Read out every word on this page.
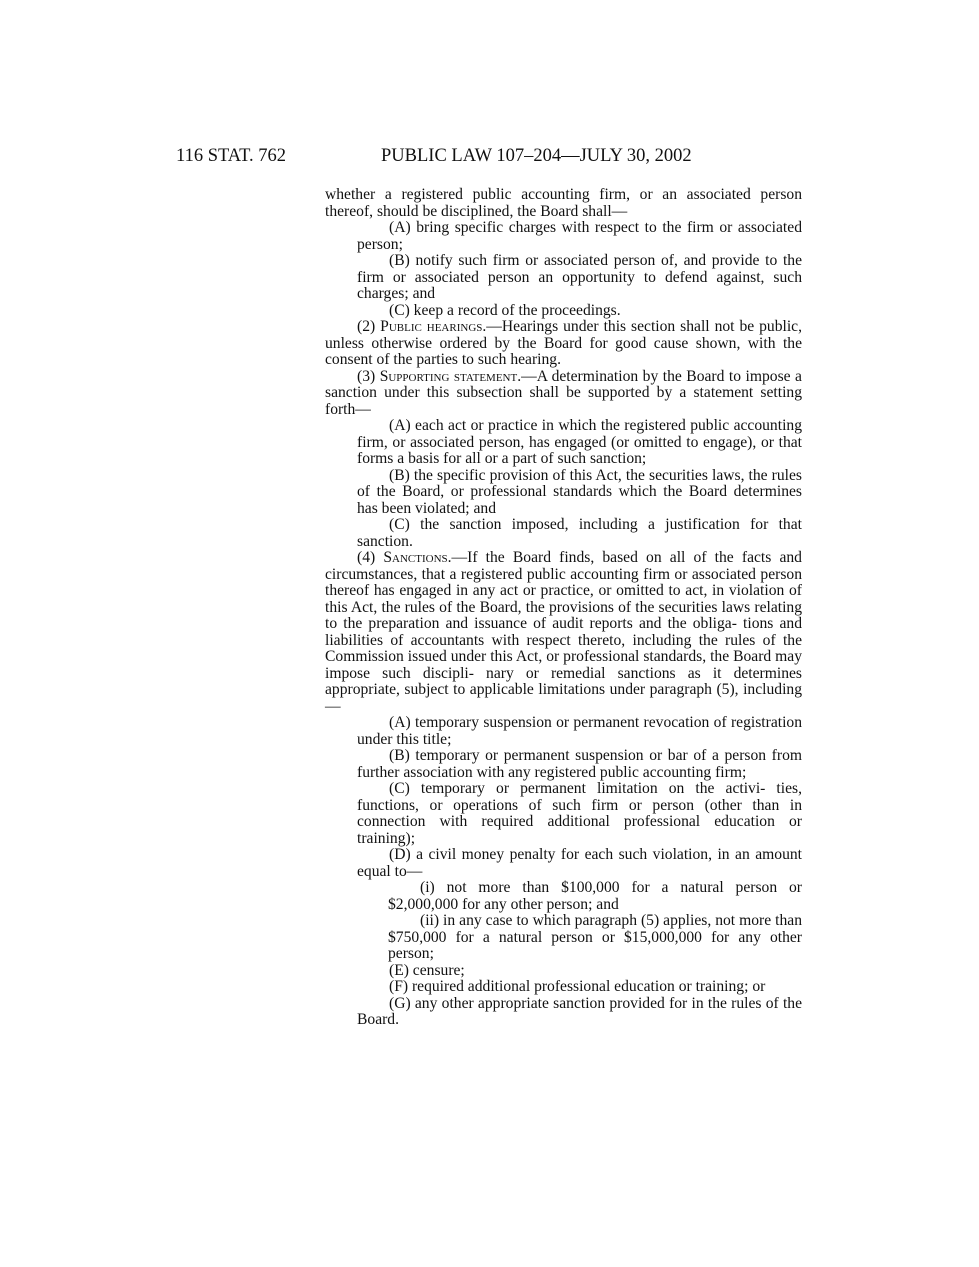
116 STAT. 762	PUBLIC LAW 107–204—JULY 30, 2002

whether a registered public accounting firm, or an associated person thereof, should be disciplined, the Board shall—

(A) bring specific charges with respect to the firm or associated person;

(B) notify such firm or associated person of, and provide to the firm or associated person an opportunity to defend against, such charges; and

(C) keep a record of the proceedings.

(2) Public hearings.—Hearings under this section shall not be public, unless otherwise ordered by the Board for good cause shown, with the consent of the parties to such hearing.

(3) Supporting statement.—A determination by the Board to impose a sanction under this subsection shall be supported by a statement setting forth—

(A) each act or practice in which the registered public accounting firm, or associated person, has engaged (or omitted to engage), or that forms a basis for all or a part of such sanction;

(B) the specific provision of this Act, the securities laws, the rules of the Board, or professional standards which the Board determines has been violated; and

(C) the sanction imposed, including a justification for that sanction.

(4) Sanctions.—If the Board finds, based on all of the facts and circumstances, that a registered public accounting firm or associated person thereof has engaged in any act or practice, or omitted to act, in violation of this Act, the rules of the Board, the provisions of the securities laws relating to the preparation and issuance of audit reports and the obliga- tions and liabilities of accountants with respect thereto, including the rules of the Commission issued under this Act, or professional standards, the Board may impose such discipli- nary or remedial sanctions as it determines appropriate, subject to applicable limitations under paragraph (5), including—

(A) temporary suspension or permanent revocation of registration under this title;

(B) temporary or permanent suspension or bar of a person from further association with any registered public accounting firm;

(C) temporary or permanent limitation on the activi- ties, functions, or operations of such firm or person (other than in connection with required additional professional education or training);

(D) a civil money penalty for each such violation, in an amount equal to—

(i) not more than $100,000 for a natural person or $2,000,000 for any other person; and

(ii) in any case to which paragraph (5) applies, not more than $750,000 for a natural person or $15,000,000 for any other person;

(E) censure;

(F) required additional professional education or training; or

(G) any other appropriate sanction provided for in the rules of the Board.
